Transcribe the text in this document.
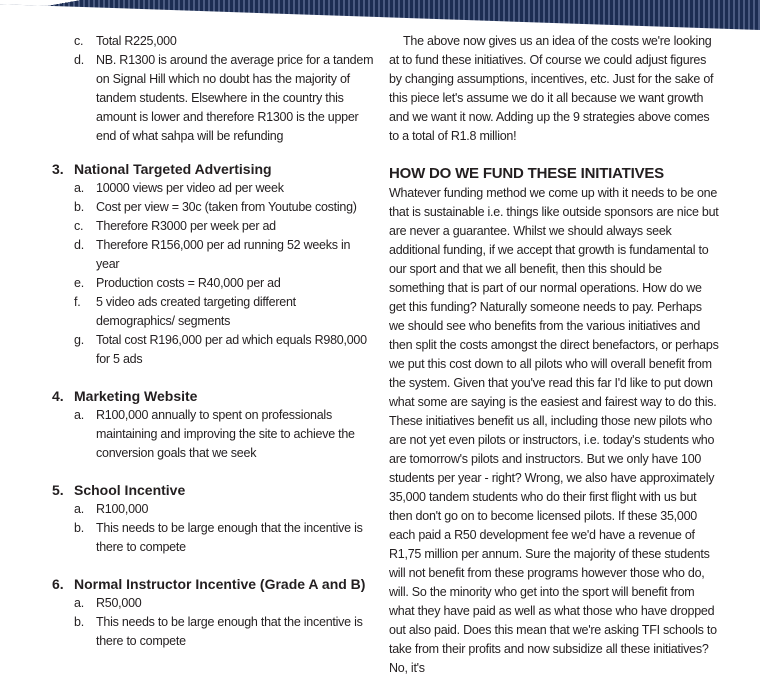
c.	Total R225,000
d. NB. R1300 is around the average price for a tandem on Signal Hill which no doubt has the majority of tandem students. Elsewhere in the country this amount is lower and therefore R1300 is the upper end of what sahpa will be refunding
3. National Targeted Advertising
a. 10000 views per video ad per week
b. Cost per view = 30c (taken from Youtube costing)
c.	Therefore R3000 per week per ad
d. Therefore R156,000 per ad running 52 weeks in year
e. Production costs = R40,000 per ad
f.	5 video ads created targeting different demographics/ segments
g. Total cost R196,000 per ad which equals R980,000 for 5 ads
4. Marketing Website
a. R100,000 annually to spent on professionals maintaining and improving the site to achieve the conversion goals that we seek
5. School Incentive
a. R100,000
b. This needs to be large enough that the incentive is there to compete
6. Normal Instructor Incentive (Grade A and B)
a. R50,000
b. This needs to be large enough that the incentive is there to compete

The above now gives us an idea of the costs we're looking at to fund these initiatives. Of course we could adjust figures by changing assumptions, incentives, etc. Just for the sake of this piece let's assume we do it all because we want growth and we want it now. Adding up the 9 strategies above comes to a total of R1.8 million!

HOW DO WE FUND THESE INITIATIVES

Whatever funding method we come up with it needs to be one that is sustainable i.e. things like outside sponsors are nice but are never a guarantee. Whilst we should always seek additional funding, if we accept that growth is fundamental to our sport and that we all benefit, then this should be something that is part of our normal operations. How do we get this funding? Naturally someone needs to pay. Perhaps we should see who benefits from the various initiatives and then split the costs amongst the direct benefactors, or perhaps we put this cost down to all pilots who will overall benefit from the system. Given that you've read this far I'd like to put down what some are saying is the easiest and fairest way to do this. These initiatives benefit us all, including those new pilots who are not yet even pilots or instructors, i.e. today's students who are tomorrow's pilots and instructors. But we only have 100 students per year - right? Wrong, we also have approximately 35,000 tandem students who do their first flight with us but then don't go on to become licensed pilots. If these 35,000 each paid a R50 development fee we'd have a revenue of R1,75 million per annum. Sure the majority of these students will not benefit from these programs however those who do, will. So the minority who get into the sport will benefit from what they have paid as well as what those who have dropped out also paid. Does this mean that we're asking TFI schools to take from their profits and now subsidize all these initiatives? No, it's
